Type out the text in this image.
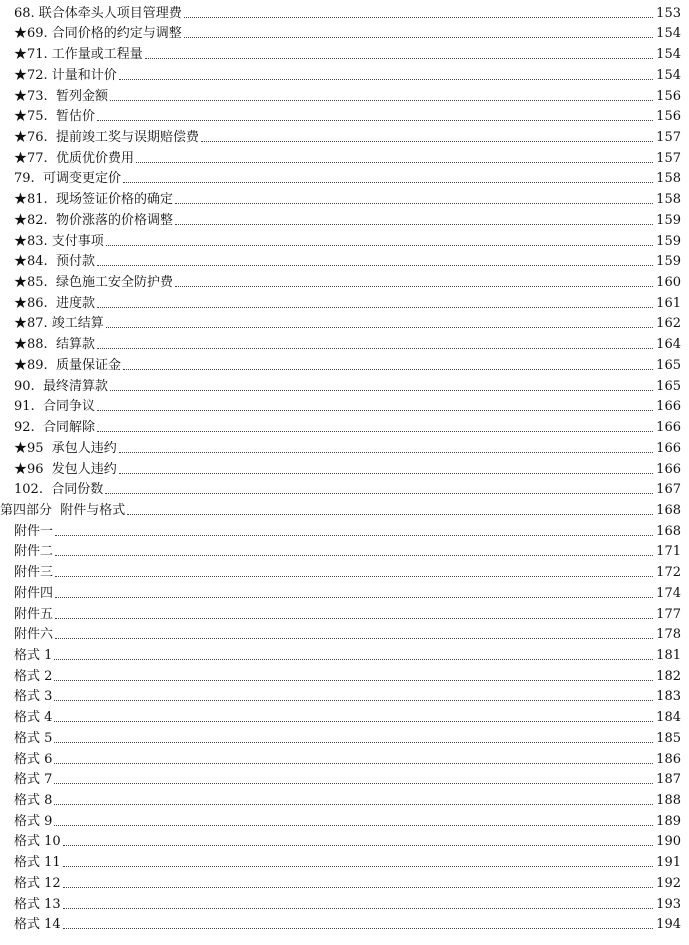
68. 联合体牵头人项目管理费	153
★69. 合同价格的约定与调整	154
★71. 工作量或工程量	154
★72. 计量和计价	154
★73.  暂列金额	156
★75.  暂估价	156
★76.  提前竣工奖与误期赔偿费	157
★77.  优质优价费用	157
79.  可调变更定价	158
★81.  现场签证价格的确定	158
★82.  物价涨落的价格调整	159
★83. 支付事项	159
★84.  预付款	159
★85.  绿色施工安全防护费	160
★86.  进度款	161
★87. 竣工结算	162
★88.  结算款	164
★89.  质量保证金	165
90.  最终清算款	165
91.  合同争议	166
92.  合同解除	166
★95  承包人违约	166
★96  发包人违约	166
102.  合同份数	167
第四部分  附件与格式	168
附件一	168
附件二	171
附件三	172
附件四	174
附件五	177
附件六	178
格式 1	181
格式 2	182
格式 3	183
格式 4	184
格式 5	185
格式 6	186
格式 7	187
格式 8	188
格式 9	189
格式 10	190
格式 11	191
格式 12	192
格式 13	193
格式 14	194
